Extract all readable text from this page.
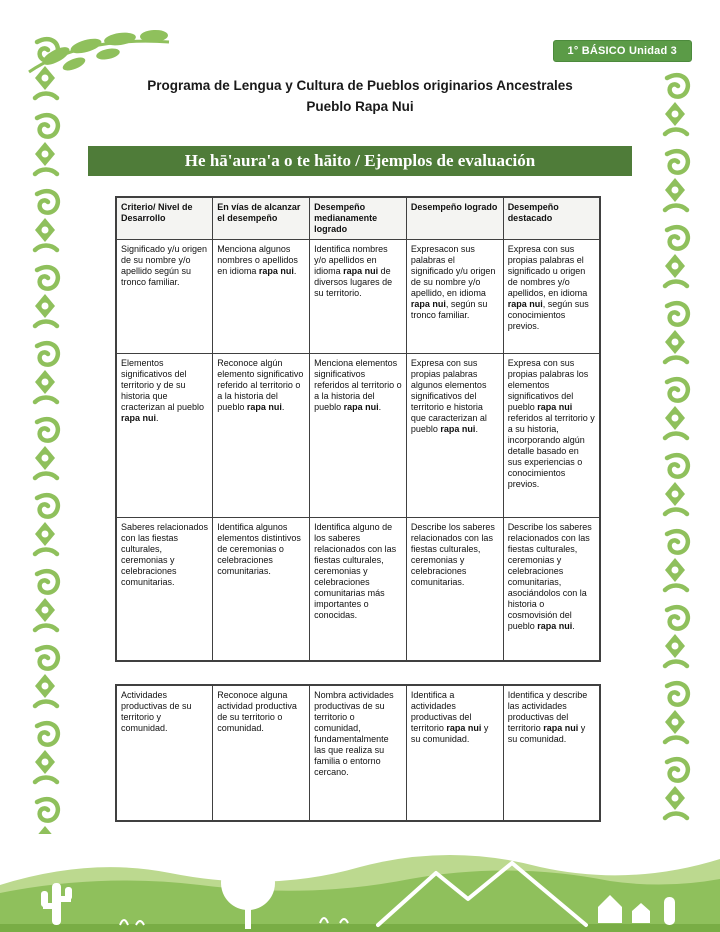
1° BÁSICO Unidad 3
Programa de Lengua y Cultura de Pueblos originarios Ancestrales
Pueblo Rapa Nui
He hā'aura'a o te hāito / Ejemplos de evaluación
Criterio/ Nivel de Desarrollo	En vías de alcanzar el desempeño	Desempeño medianamente logrado	Desempeño logrado	Desempeño destacado
Significado y/u origen de su nombre y/o apellido según su tronco familiar.	Menciona algunos nombres o apellidos en idioma rapa nui.	Identifica nombres y/o apellidos en idioma rapa nui de diversos lugares de su territorio.	Expresacon sus palabras el significado y/u origen de su nombre y/o apellido, en idioma rapa nui, según su tronco familiar.	Expresa con sus propias palabras el significado u origen de nombres y/o apellidos, en idioma rapa nui, según sus conocimientos previos.
Elementos significativos del territorio y de su historia que cracterizan al pueblo rapa nui.	Reconoce algún elemento significativo referido al territorio o a la historia del pueblo rapa nui.	Menciona elementos significativos referidos al territorio o a la historia del pueblo rapa nui.	Expresa con sus propias palabras algunos elementos significativos del territorio e historia que caracterizan al pueblo rapa nui.	Expresa con sus propias palabras los elementos significativos del pueblo rapa nui referidos al territorio y a su historia, incorporando algún detalle basado en sus experiencias o conocimientos previos.
Saberes relacionados con las fiestas culturales, ceremonias y celebraciones comunitarias.	Identifica algunos elementos distintivos de ceremonias o celebraciones comunitarias.	Identifica alguno de los saberes relacionados con las fiestas culturales, ceremonias y celebraciones comunitarias más importantes o conocidas.	Describe los saberes relacionados con las fiestas culturales, ceremonias y celebraciones comunitarias.	Describe los saberes relacionados con las fiestas culturales, ceremonias y celebraciones comunitarias, asociándolos con la historia o cosmovisión del pueblo rapa nui.
Actividades productivas de su territorio y comunidad.	Reconoce alguna actividad productiva de su territorio o comunidad.	Nombra actividades productivas de su territorio o comunidad, fundamentalmente las que realiza su familia o entorno cercano.	Identifica a actividades productivas del territorio rapa nui y su comunidad.	Identifica y describe las actividades productivas del territorio rapa nui y su comunidad.
